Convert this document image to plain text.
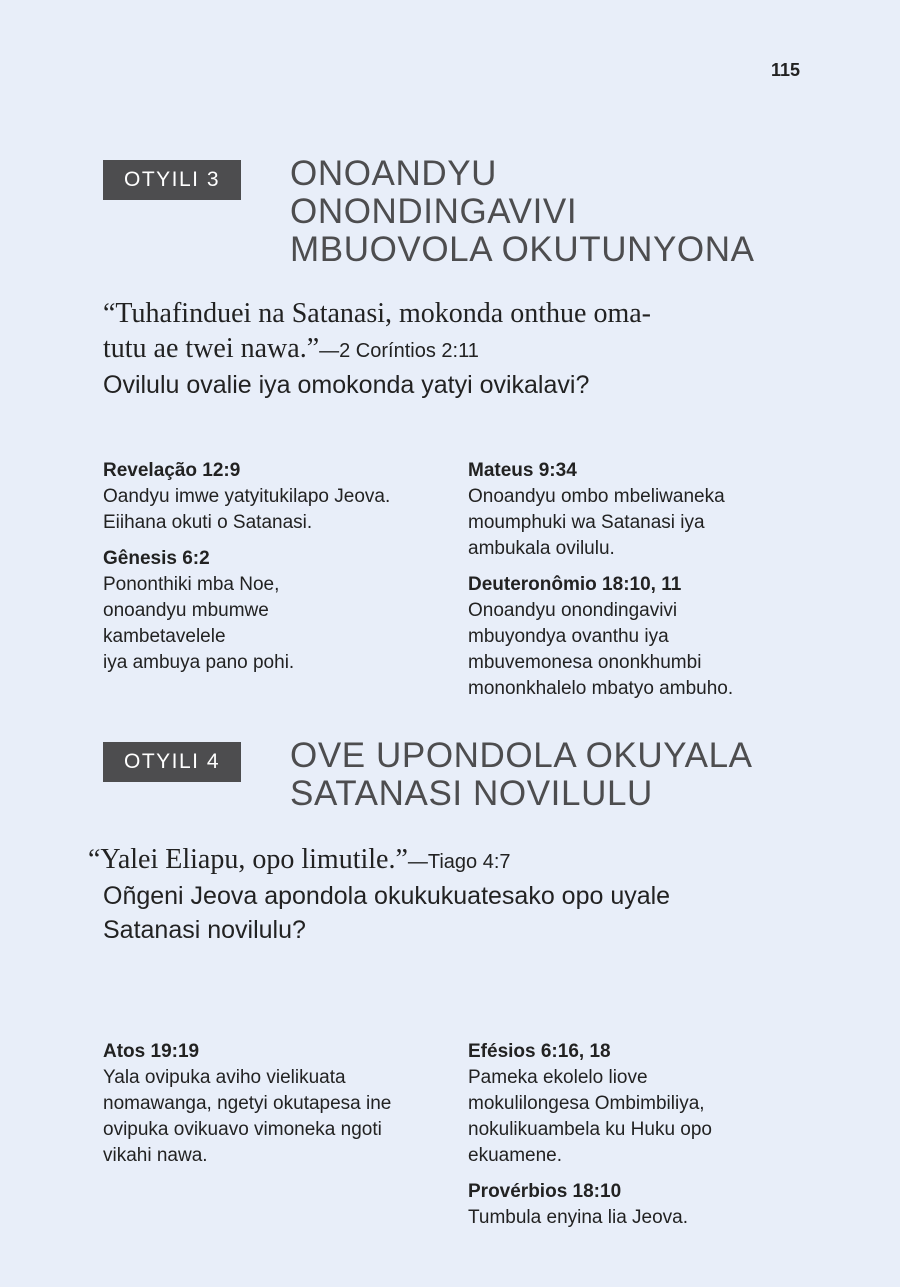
115
OTYILI 3	ONOANDYU
ONONDINGAVIVI
MBUOVOLA OKUTUNYONA
“Tuhafinduei na Satanasi, mokonda onthue oma-
tutu ae twei nawa.”—2 Coríntios 2:11
Ovilulu ovalie iya omokonda yatyi ovikalavi?
Revelação 12:9
Oandyu imwe yatyitukilapo Jeova.
Eiihana okuti o Satanasi.
Gênesis 6:2
Pononthiki mba Noe,
onoandyu mbumwe
kambetavelele
iya ambuya pano pohi.
Mateus 9:34
Onoandyu ombo mbeliwaneka
moumphuki wa Satanasi iya
ambukala ovilulu.
Deuteronômio 18:10, 11
Onoandyu onondingavivi
mbuyondya ovanthu iya
mbuvemonesa ononkhumbi
mononkhalelo mbatyo ambuho.
OTYILI 4	OVE UPONDOLA OKUYALA
SATANASI NOVILULU
“Yalei Eliapu, opo limutile.”—Tiago 4:7
Oñgeni Jeova apondola okukukuatesako opo uyale
Satanasi novilulu?
Atos 19:19
Yala ovipuka aviho vielikuata
nomawanga, ngetyi okutapesa ine
ovipuka ovikuavo vimoneka ngoti
vikahi nawa.
Efésios 6:16, 18
Pameka ekolelo liove
mokulilongesa Ombimbiliya,
nokulikuambela ku Huku opo
ekuamene.
Provérbios 18:10
Tumbula enyina lia Jeova.
